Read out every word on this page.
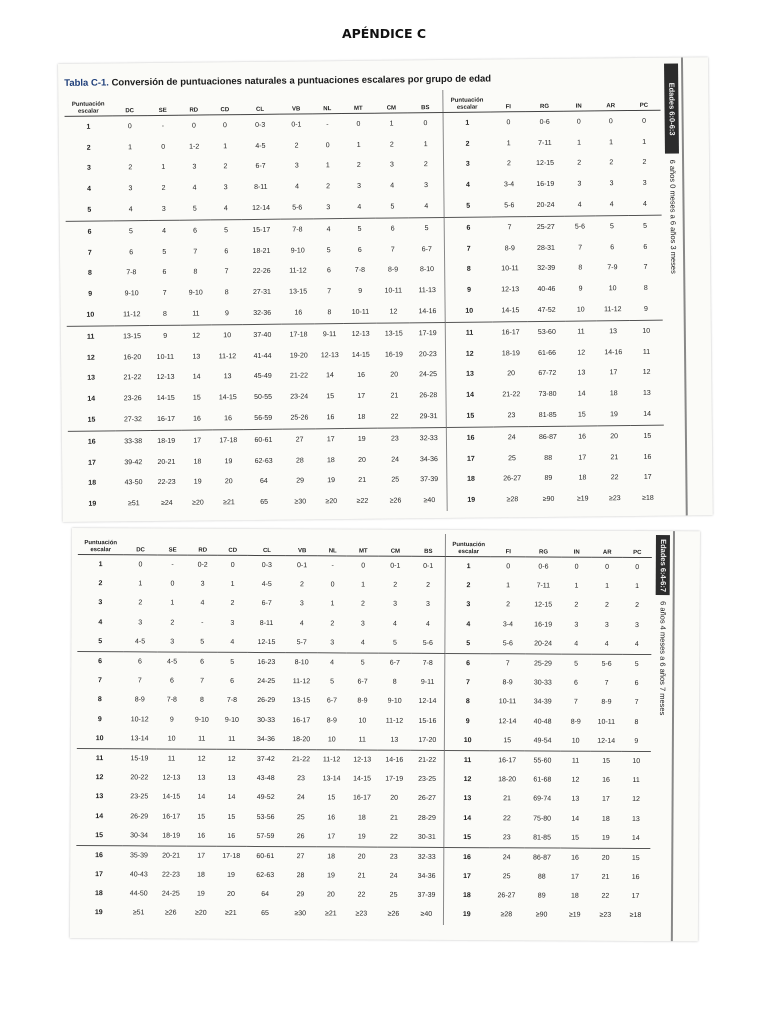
APÉNDICE C
Tabla C-1. Conversión de puntuaciones naturales a puntuaciones escalares por grupo de edad
Puntuación escalar	DC	SE	RD	CD	CL	VB	NL	MT	CM	BS	Puntuación escalar	FI	RG	IN	AR	PC
1	0	-	0	0	0-3	0-1	-	0	1	0	1	0	0-6	0	0	0
2	1	0	1-2	1	4-5	2	0	1	2	1	2	1	7-11	1	1	1
3	2	1	3	2	6-7	3	1	2	3	2	3	2	12-15	2	2	2
4	3	2	4	3	8-11	4	2	3	4	3	4	3-4	16-19	3	3	3
5	4	3	5	4	12-14	5-6	3	4	5	4	5	5-6	20-24	4	4	4
6	5	4	6	5	15-17	7-8	4	5	6	5	6	7	25-27	5-6	5	5
7	6	5	7	6	18-21	9-10	5	6	7	6-7	7	8-9	28-31	7	6	6
8	7-8	6	8	7	22-26	11-12	6	7-8	8-9	8-10	8	10-11	32-39	8	7-9	7
9	9-10	7	9-10	8	27-31	13-15	7	9	10-11	11-13	9	12-13	40-46	9	10	8
10	11-12	8	11	9	32-36	16	8	10-11	12	14-16	10	14-15	47-52	10	11-12	9
11	13-15	9	12	10	37-40	17-18	9-11	12-13	13-15	17-19	11	16-17	53-60	11	13	10
12	16-20	10-11	13	11-12	41-44	19-20	12-13	14-15	16-19	20-23	12	18-19	61-66	12	14-16	11
13	21-22	12-13	14	13	45-49	21-22	14	16	20	24-25	13	20	67-72	13	17	12
14	23-26	14-15	15	14-15	50-55	23-24	15	17	21	26-28	14	21-22	73-80	14	18	13
15	27-32	16-17	16	16	56-59	25-26	16	18	22	29-31	15	23	81-85	15	19	14
16	33-38	18-19	17	17-18	60-61	27	17	19	23	32-33	16	24	86-87	16	20	15
17	39-42	20-21	18	19	62-63	28	18	20	24	34-36	17	25	88	17	21	16
18	43-50	22-23	19	20	64	29	19	21	25	37-39	18	26-27	89	18	22	17
19	≥51	≥24	≥20	≥21	65	≥30	≥20	≥22	≥26	≥40	19	≥28	≥90	≥19	≥23	≥18
Edades 6:0-6:3
6 años 0 meses a 6 años 3 meses
Puntuación escalar	DC	SE	RD	CD	CL	VB	NL	MT	CM	BS	Puntuación escalar	FI	RG	IN	AR	PC
1	0	-	0-2	0	0-3	0-1	-	0	0-1	0-1	1	0	0-6	0	0	0
2	1	0	3	1	4-5	2	0	1	2	2	2	1	7-11	1	1	1
3	2	1	4	2	6-7	3	1	2	3	3	3	2	12-15	2	2	2
4	3	2	-	3	8-11	4	2	3	4	4	4	3-4	16-19	3	3	3
5	4-5	3	5	4	12-15	5-7	3	4	5	5-6	5	5-6	20-24	4	4	4
6	6	4-5	6	5	16-23	8-10	4	5	6-7	7-8	6	7	25-29	5	5-6	5
7	7	6	7	6	24-25	11-12	5	6-7	8	9-11	7	8-9	30-33	6	7	6
8	8-9	7-8	8	7-8	26-29	13-15	6-7	8-9	9-10	12-14	8	10-11	34-39	7	8-9	7
9	10-12	9	9-10	9-10	30-33	16-17	8-9	10	11-12	15-16	9	12-14	40-48	8-9	10-11	8
10	13-14	10	11	11	34-36	18-20	10	11	13	17-20	10	15	49-54	10	12-14	9
11	15-19	11	12	12	37-42	21-22	11-12	12-13	14-16	21-22	11	16-17	55-60	11	15	10
12	20-22	12-13	13	13	43-48	23	13-14	14-15	17-19	23-25	12	18-20	61-68	12	16	11
13	23-25	14-15	14	14	49-52	24	15	16-17	20	26-27	13	21	69-74	13	17	12
14	26-29	16-17	15	15	53-56	25	16	18	21	28-29	14	22	75-80	14	18	13
15	30-34	18-19	16	16	57-59	26	17	19	22	30-31	15	23	81-85	15	19	14
16	35-39	20-21	17	17-18	60-61	27	18	20	23	32-33	16	24	86-87	16	20	15
17	40-43	22-23	18	19	62-63	28	19	21	24	34-36	17	25	88	17	21	16
18	44-50	24-25	19	20	64	29	20	22	25	37-39	18	26-27	89	18	22	17
19	≥51	≥26	≥20	≥21	65	≥30	≥21	≥23	≥26	≥40	19	≥28	≥90	≥19	≥23	≥18
Edades 6:4-6:7
6 años 4 meses a 6 años 7 meses
